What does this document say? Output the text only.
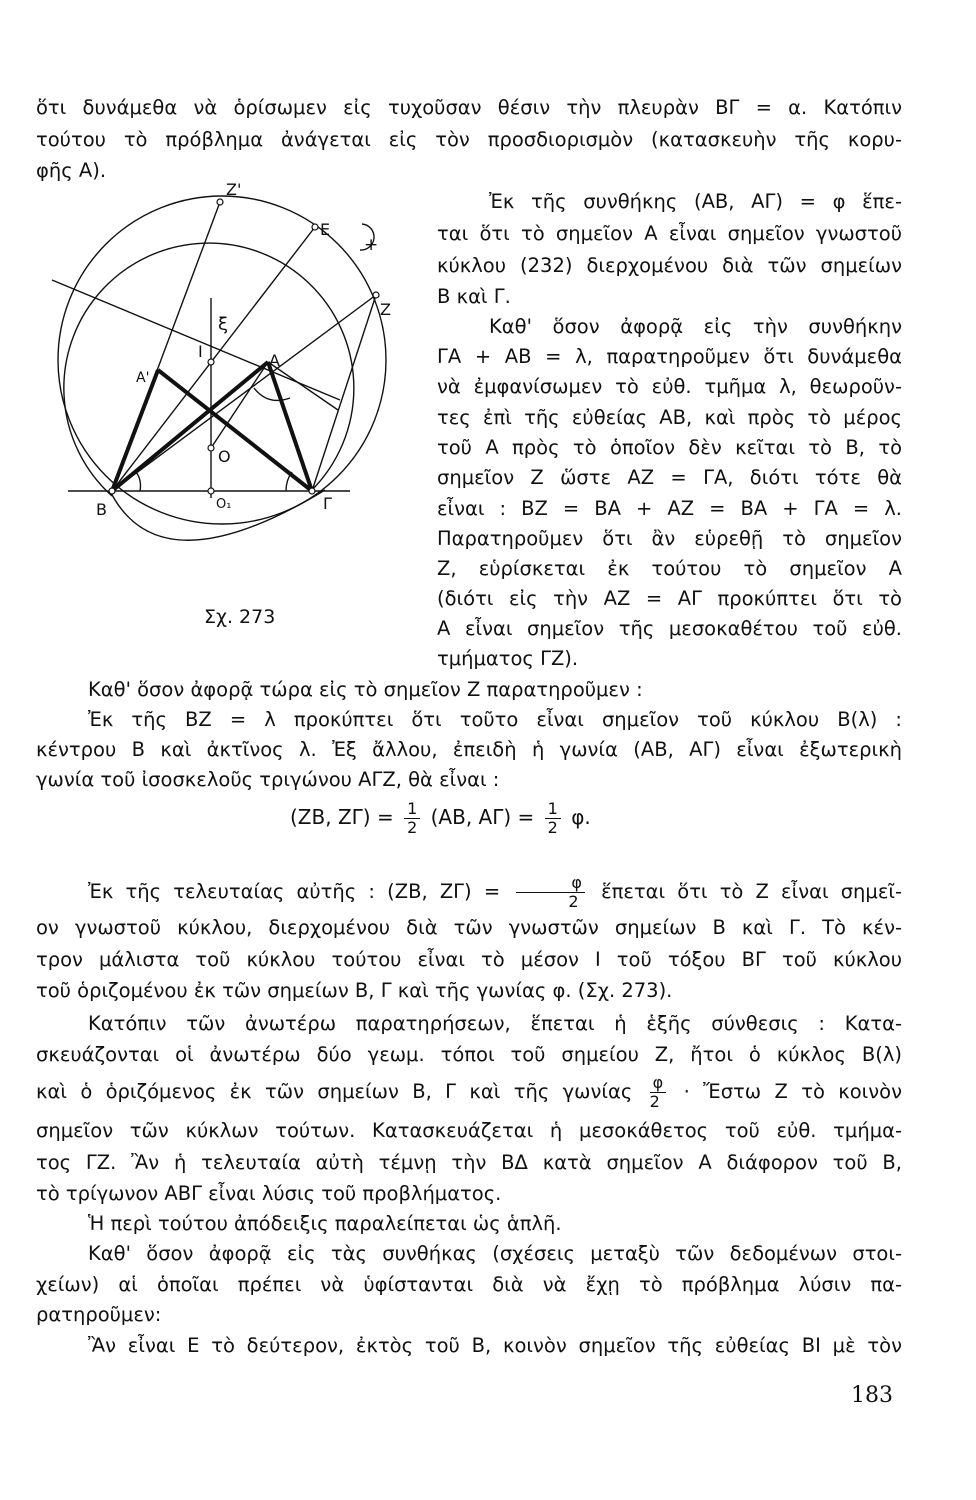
ὅτι δυνάμεθα νὰ ὁρίσωμεν εἰς τυχοῦσαν θέσιν τὴν πλευρὰν ΒΓ = α. Κατόπιν
τούτου τὸ πρόβλημα ἀνάγεται εἰς τὸν προσδιορισμὸν (κατασκευὴν τῆς κορυ-
φῆς Α).
Ἐκ τῆς συνθήκης (ΑΒ, ΑΓ) = φ ἕπε-
ται ὅτι τὸ σημεῖον Α εἶναι σημεῖον γνωστοῦ
κύκλου (232) διερχομένου διὰ τῶν σημείων
Β καὶ Γ.
Καθ' ὅσον ἀφορᾷ εἰς τὴν συνθήκην
ΓΑ + ΑΒ = λ, παρατηροῦμεν ὅτι δυνάμεθα
νὰ ἐμφανίσωμεν τὸ εὐθ. τμῆμα λ, θεωροῦν-
τες ἐπὶ τῆς εὐθείας ΑΒ, καὶ πρὸς τὸ μέρος
τοῦ Α πρὸς τὸ ὁποῖον δὲν κεῖται τὸ Β, τὸ
σημεῖον Ζ ὥστε ΑΖ = ΓΑ, διότι τότε θὰ
εἶναι : ΒΖ = ΒΑ + ΑΖ = ΒΑ + ΓΑ = λ.
Παρατηροῦμεν ὅτι ἂν εὑρεθῇ τὸ σημεῖον
Ζ, εὑρίσκεται ἐκ τούτου τὸ σημεῖον Α
(διότι εἰς τὴν ΑΖ = ΑΓ προκύπτει ὅτι τὸ
Α εἶναι σημεῖον τῆς μεσοκαθέτου τοῦ εὐθ.
τμήματος ΓΖ).
Σχ. 273
Ζ'
Ε
+
Ζ
ξ
Ι	Α
Α'
Ο
Ο₁
Β	Γ
Καθ' ὅσον ἀφορᾷ τώρα εἰς τὸ σημεῖον Ζ παρατηροῦμεν :
Ἐκ τῆς ΒΖ = λ προκύπτει ὅτι τοῦτο εἶναι σημεῖον τοῦ κύκλου Β(λ) :
κέντρου Β καὶ ἀκτῖνος λ. Ἐξ ἄλλου, ἐπειδὴ ἡ γωνία (ΑΒ, ΑΓ) εἶναι ἐξωτερικὴ
γωνία τοῦ ἰσοσκελοῦς τριγώνου ΑΓΖ, θὰ εἶναι :
(ΖΒ, $Z\Gamma) = \frac{1}{2} (AB$, $A\Gamma) = \frac{1}{2} \varphi$.
Ἐκ τῆς τελευταίας αὐτῆς : (ΖΒ, $Z\Gamma) = \frac{\varphi}{2}$ ἕπεται ὅτι τὸ Ζ εἶναι σημεῖ-
ον γνωστοῦ κύκλου, διερχομένου διὰ τῶν γνωστῶν σημείων Β καὶ Γ. Τὸ κέν-
τρον μάλιστα τοῦ κύκλου τούτου εἶναι τὸ μέσον Ι τοῦ τόξου ΒΓ τοῦ κύκλου
τοῦ ὁριζομένου ἐκ τῶν σημείων Β, Γ καὶ τῆς γωνίας φ. (Σχ. 273).
Κατόπιν τῶν ἀνωτέρω παρατηρήσεων, ἕπεται ἡ ἑξῆς σύνθεσις : Κατα-
σκευάζονται οἱ ἀνωτέρω δύο γεωμ. τόποι τοῦ σημείου Ζ, ἤτοι ὁ κύκλος Β(λ)
καὶ ὁ ὁριζόμενος ἐκ τῶν σημείων Β, Γ καὶ τῆς γωνίας $\frac{\varphi}{2}$ · Ἔστω Ζ τὸ κοινὸν
σημεῖον τῶν κύκλων τούτων. Κατασκευάζεται ἡ μεσοκάθετος τοῦ εὐθ. τμήμα-
τος ΓΖ. Ἂν ἡ τελευταία αὐτὴ τέμνῃ τὴν ΒΔ κατὰ σημεῖον Α διάφορον τοῦ Β,
τὸ τρίγωνον ΑΒΓ εἶναι λύσις τοῦ προβλήματος.
Ἡ περὶ τούτου ἀπόδειξις παραλείπεται ὡς ἁπλῆ.
Καθ' ὅσον ἀφορᾷ εἰς τὰς συνθήκας (σχέσεις μεταξὺ τῶν δεδομένων στοι-
χείων) αἱ ὁποῖαι πρέπει νὰ ὑφίστανται διὰ νὰ ἔχῃ τὸ πρόβλημα λύσιν πα-
ρατηροῦμεν:
Ἂν εἶναι Ε τὸ δεύτερον, ἐκτὸς τοῦ Β, κοινὸν σημεῖον τῆς εὐθείας ΒΙ μὲ τὸν
183
